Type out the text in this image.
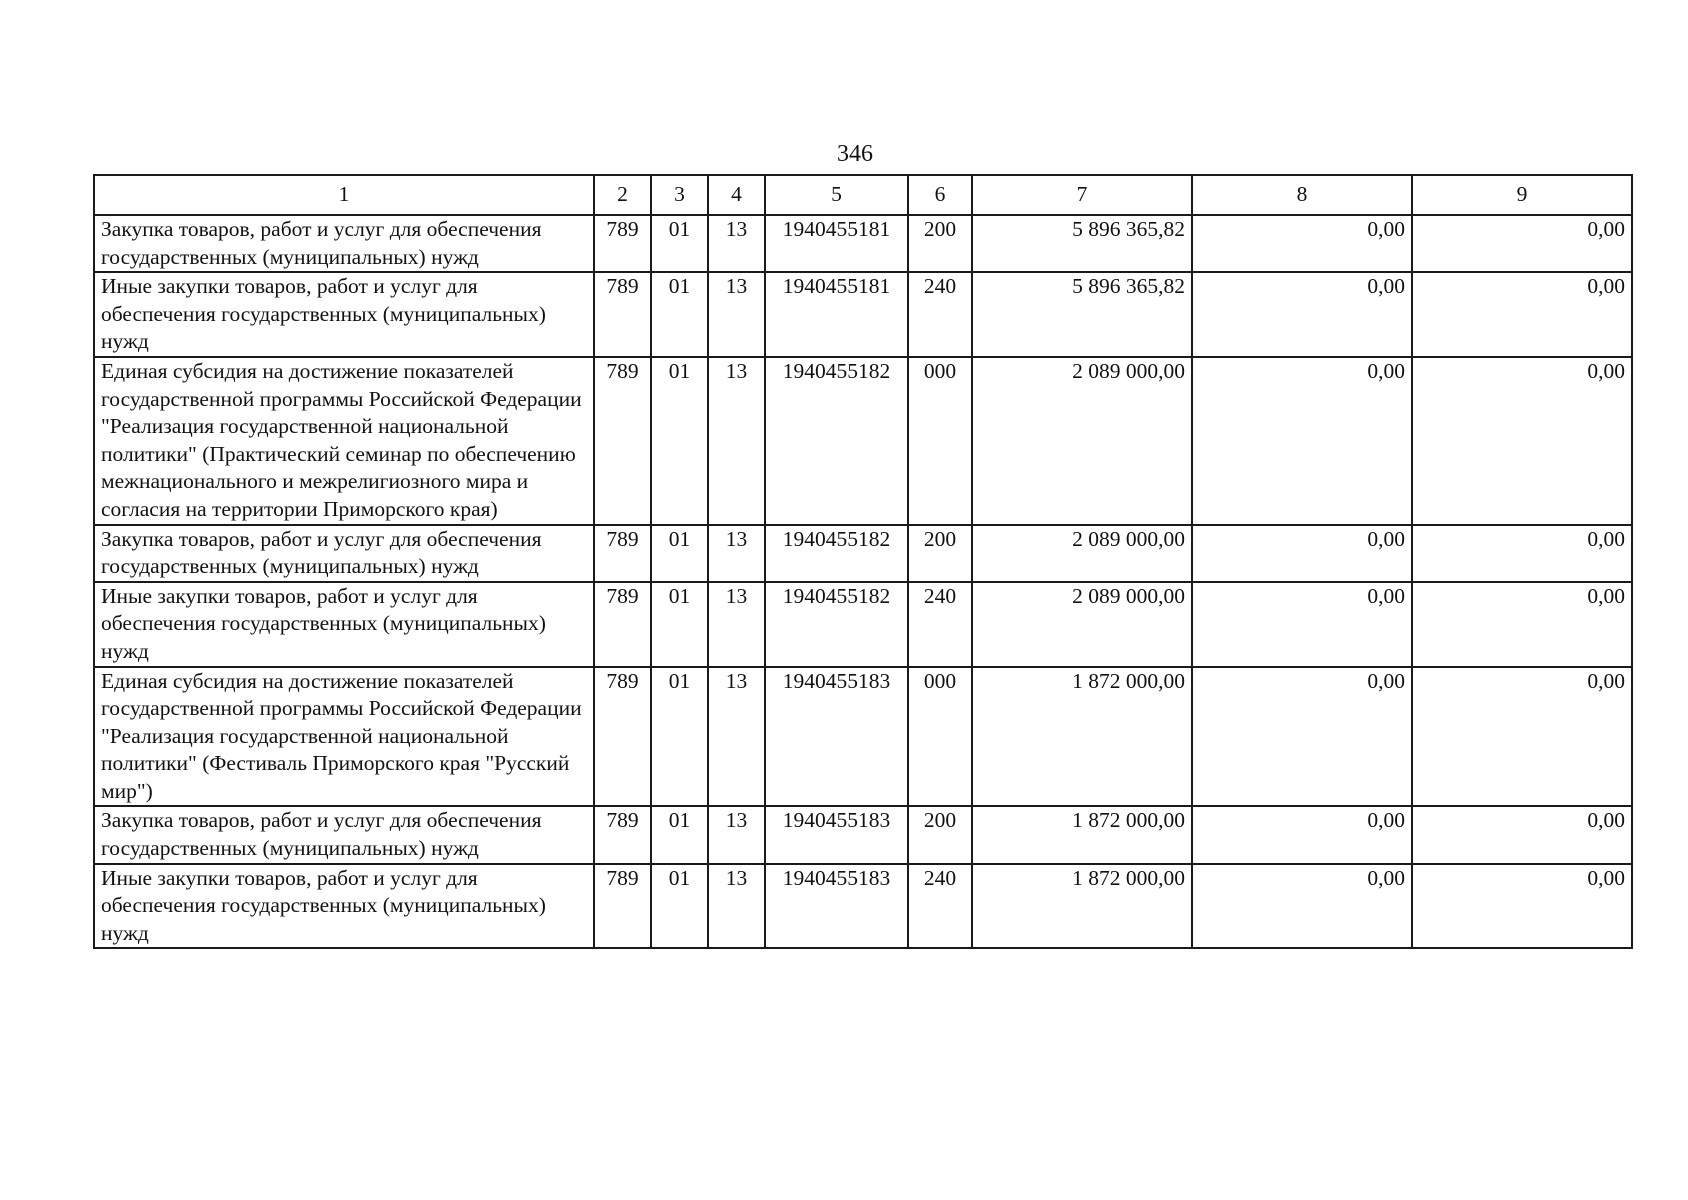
346
1	2	3	4	5	6	7	8	9
Закупка товаров, работ и услуг для обеспечения государственных (муниципальных) нужд	789	01	13	1940455181	200	5 896 365,82	0,00	0,00
Иные закупки товаров, работ и услуг для обеспечения государственных (муниципальных) нужд	789	01	13	1940455181	240	5 896 365,82	0,00	0,00
Единая субсидия на достижение показателей государственной программы Российской Федерации "Реализация государственной национальной политики" (Практический семинар по обеспечению межнационального и межрелигиозного мира и согласия на территории Приморского края)	789	01	13	1940455182	000	2 089 000,00	0,00	0,00
Закупка товаров, работ и услуг для обеспечения государственных (муниципальных) нужд	789	01	13	1940455182	200	2 089 000,00	0,00	0,00
Иные закупки товаров, работ и услуг для обеспечения государственных (муниципальных) нужд	789	01	13	1940455182	240	2 089 000,00	0,00	0,00
Единая субсидия на достижение показателей государственной программы Российской Федерации "Реализация государственной национальной политики" (Фестиваль Приморского края "Русский мир")	789	01	13	1940455183	000	1 872 000,00	0,00	0,00
Закупка товаров, работ и услуг для обеспечения государственных (муниципальных) нужд	789	01	13	1940455183	200	1 872 000,00	0,00	0,00
Иные закупки товаров, работ и услуг для обеспечения государственных (муниципальных) нужд	789	01	13	1940455183	240	1 872 000,00	0,00	0,00
